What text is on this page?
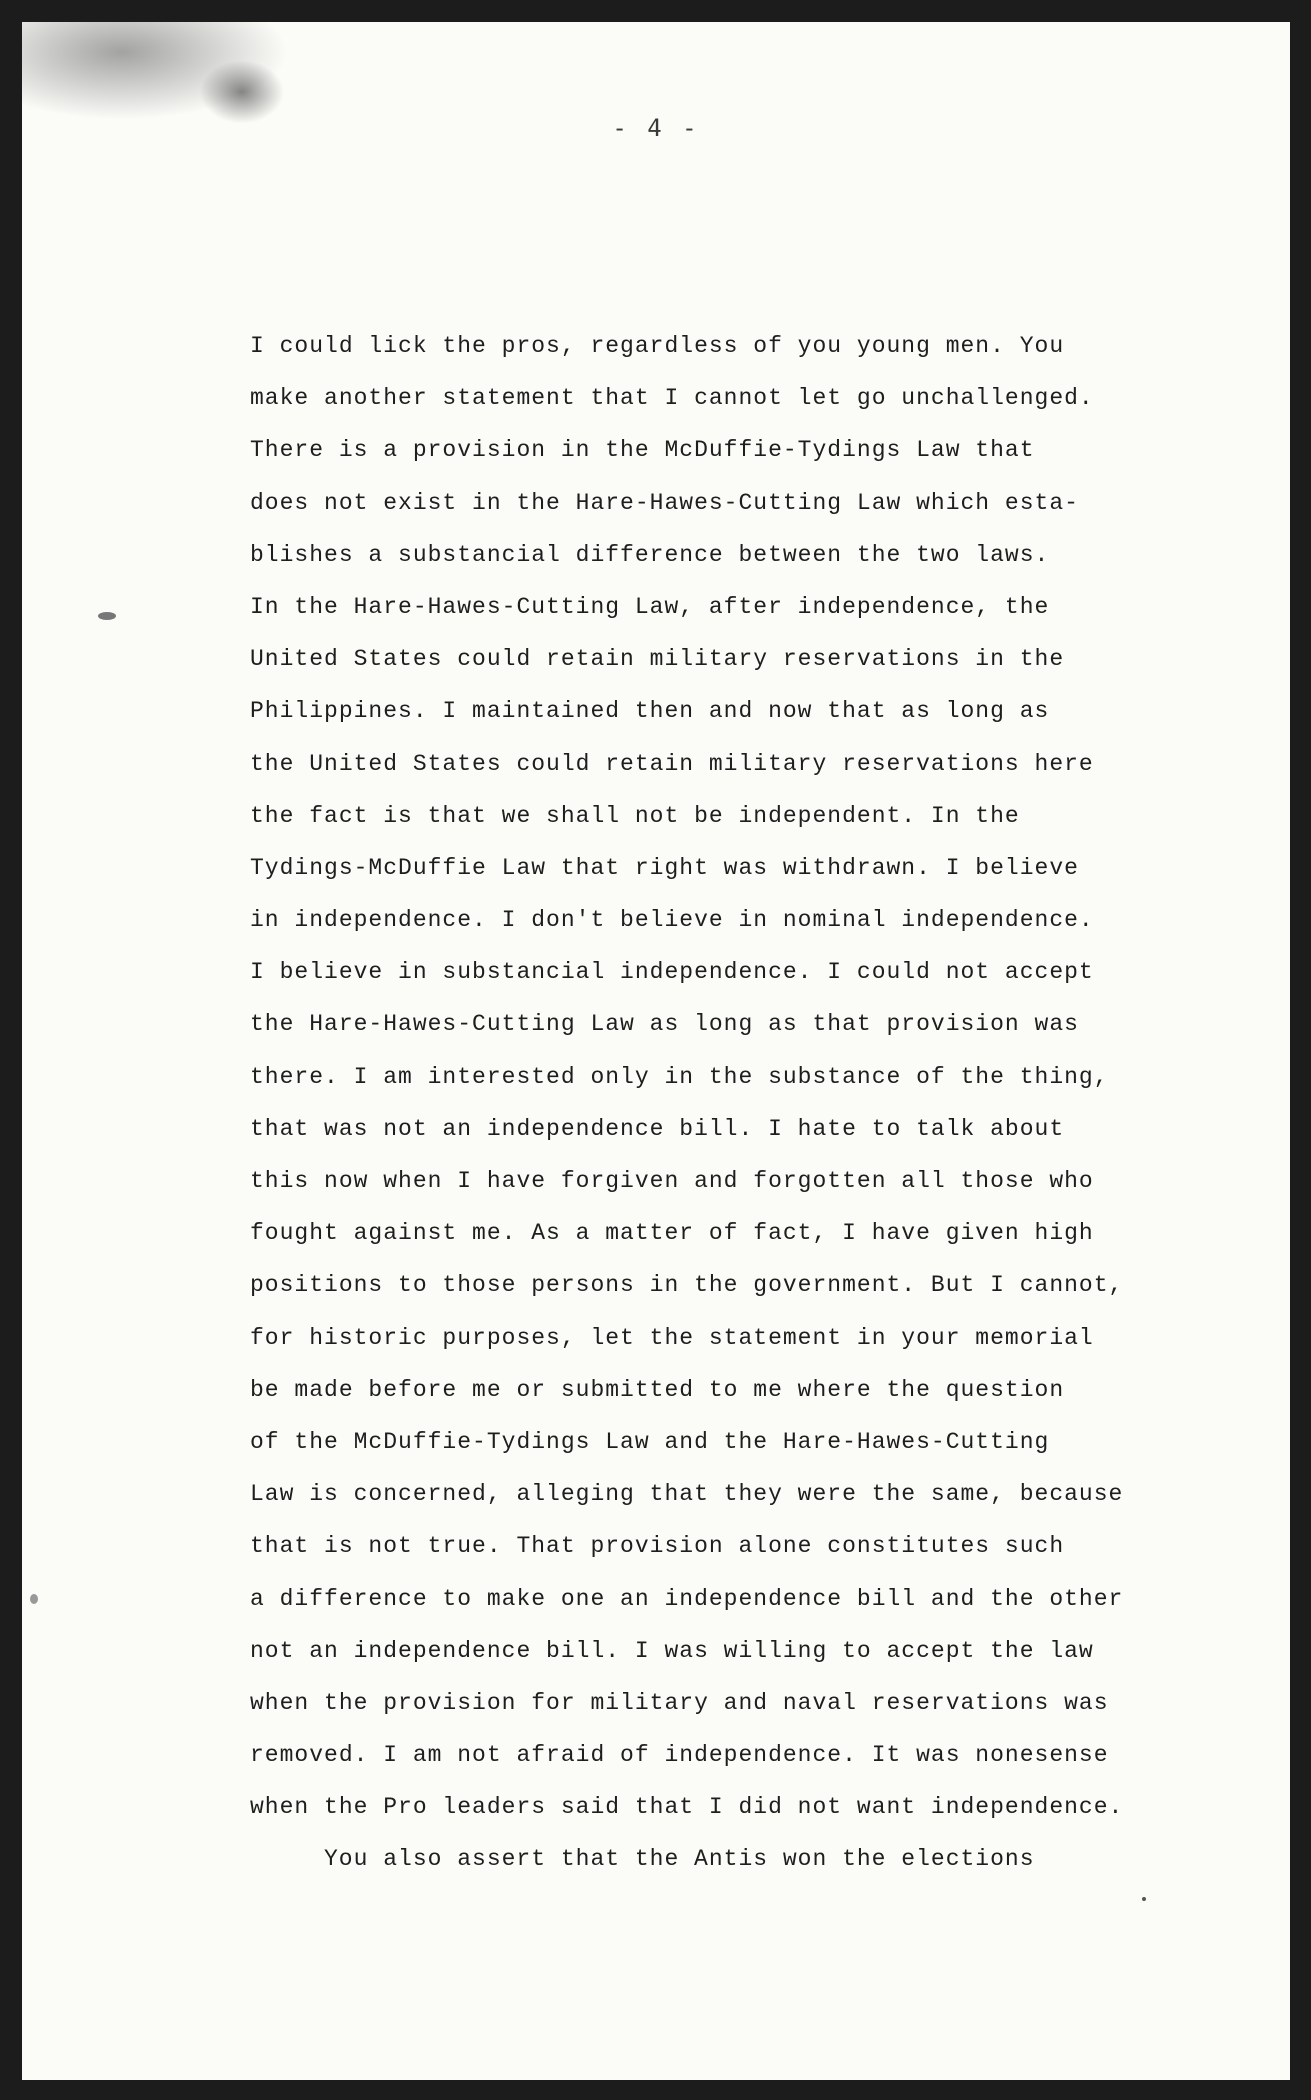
- 4 -
I could lick the pros, regardless of you young men. You
make another statement that I cannot let go unchallenged.
There is a provision in the McDuffie-Tydings Law that
does not exist in the Hare-Hawes-Cutting Law which esta-
blishes a substancial difference between the two laws.
In the Hare-Hawes-Cutting Law, after independence, the
United States could retain military reservations in the
Philippines. I maintained then and now that as long as
the United States could retain military reservations here
the fact is that we shall not be independent. In the
Tydings-McDuffie Law that right was withdrawn. I believe
in independence. I don't believe in nominal independence.
I believe in substancial independence. I could not accept
the Hare-Hawes-Cutting Law as long as that provision was
there. I am interested only in the substance of the thing,
that was not an independence bill. I hate to talk about
this now when I have forgiven and forgotten all those who
fought against me. As a matter of fact, I have given high
positions to those persons in the government. But I cannot,
for historic purposes, let the statement in your memorial
be made before me or submitted to me where the question
of the McDuffie-Tydings Law and the Hare-Hawes-Cutting
Law is concerned, alleging that they were the same, because
that is not true. That provision alone constitutes such
a difference to make one an independence bill and the other
not an independence bill. I was willing to accept the law
when the provision for military and naval reservations was
removed. I am not afraid of independence. It was nonesense
when the Pro leaders said that I did not want independence.
You also assert that the Antis won the elections
